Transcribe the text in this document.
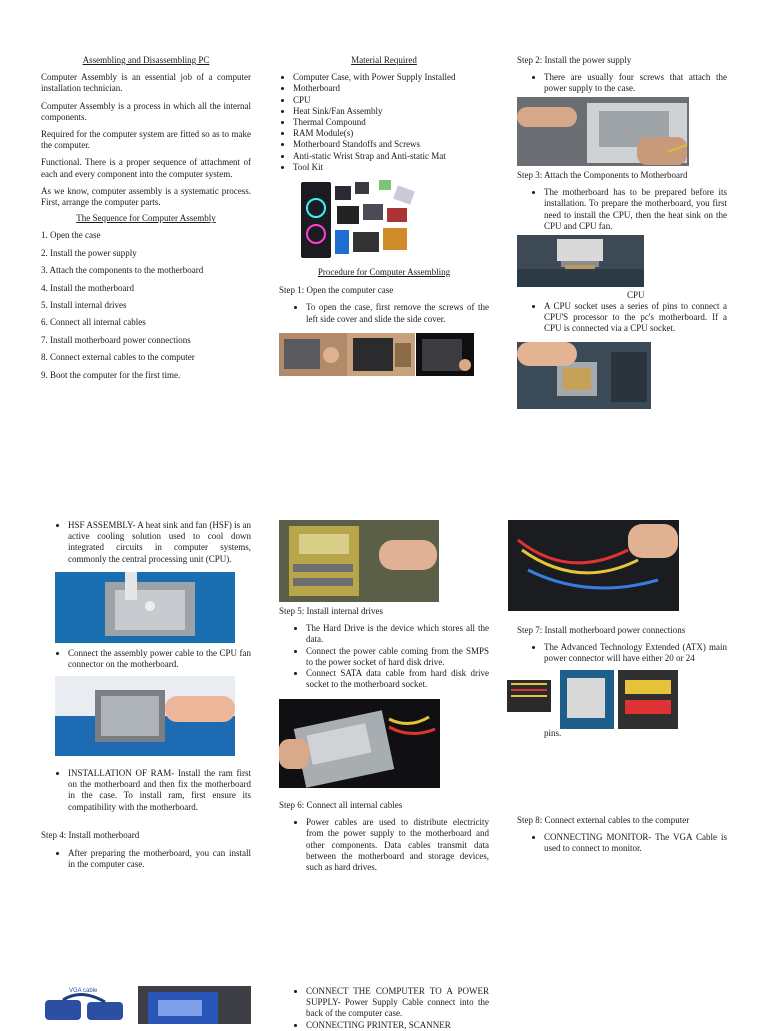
Assembling and Disassembling PC

Computer Assembly is an essential job of a computer installation technician.

Computer Assembly is a process in which all the internal components.

Required for the computer system are fitted so as to make the computer.

Functional. There is a proper sequence of attachment of each and every component into the computer system.

As we know, computer assembly is a systematic process. First, arrange the computer parts.

The Sequence for Computer Assembly
1. Open the case
2. Install the power supply
3. Attach the components to the motherboard
4. Install the motherboard
5. Install internal drives
6. Connect all internal cables
7. Install motherboard power connections
8. Connect external cables to the computer
9. Boot the computer for the first time.
Material Required
• Computer Case, with Power Supply Installed
• Motherboard
• CPU
• Heat Sink/Fan Assembly
• Thermal Compound
• RAM Module(s)
• Motherboard Standoffs and Screws
• Anti-static Wrist Strap and Anti-static Mat
• Tool Kit
Procedure for Computer Assembling
Step 1: Open the computer case
• To open the case, first remove the screws of the left side cover and slide the side cover.
Step 2: Install the power supply
• There are usually four screws that attach the power supply to the case.
Step 3: Attach the Components to Motherboard
• The motherboard has to be prepared before its installation. To prepare the motherboard, you first need to install the CPU, then the heat sink on the CPU and CPU fan.
CPU
• A CPU socket uses a series of pins to connect a CPU'S processor to the pc's motherboard. If a CPU is connected via a CPU socket.
• HSF ASSEMBLY- A heat sink and fan (HSF) is an active cooling solution used to cool down integrated circuits in computer systems, commonly the central processing unit (CPU).
• Connect the assembly power cable to the CPU fan connector on the motherboard.
• INSTALLATION OF RAM- Install the ram first on the motherboard and then fix the motherboard in the case. To install ram, first ensure its compatibility with the motherboard.
Step 4: Install motherboard
• After preparing the motherboard, you can install in the computer case.
Step 5: Install internal drives
• The Hard Drive is the device which stores all the data.
• Connect the power cable coming from the SMPS to the power socket of hard disk drive.
• Connect SATA data cable from hard disk drive socket to the motherboard socket.
Step 6: Connect all internal cables
• Power cables are used to distribute electricity from the power supply to the motherboard and other components. Data cables transmit data between the motherboard and storage devices, such as hard drives.
Step 7: Install motherboard power connections
• The Advanced Technology Extended (ATX) main power connector will have either 20 or 24
pins.
Step 8: Connect external cables to the computer
• CONNECTING MONITOR- The VGA Cable is used to connect to monitor.
VGA cable
•	CONNECT THE COMPUTER TO A POWER SUPPLY- Power Supply Cable connect into the back of the computer case.
• CONNECTING PRINTER, SCANNER
